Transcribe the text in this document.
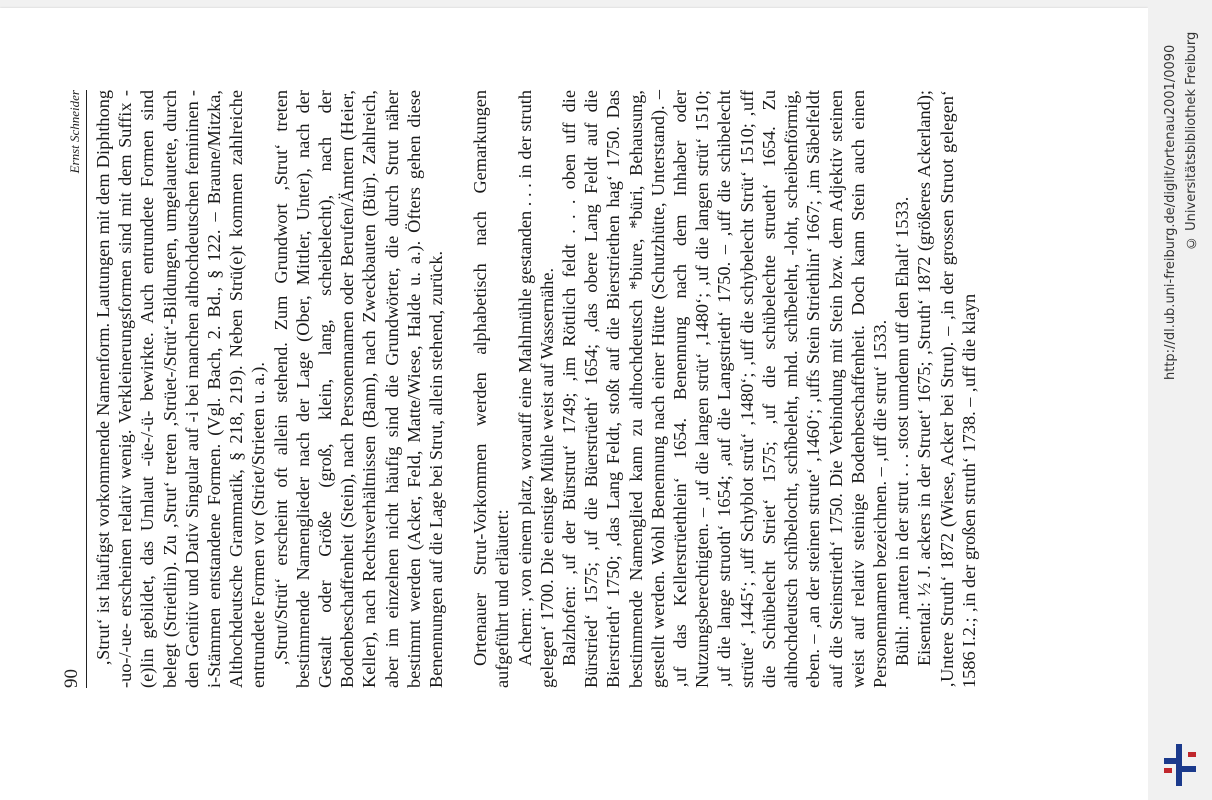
90
Ernst Schneider ‚Strut‘ ist häufigst vorkommende Namenform. Lautungen mit dem Diphthong -uo-/-ue- erscheinen relativ wenig. Verkleinerungsformen sind mit dem Suffix -(e)lin gebildet, das Umlaut -üe-/-ü- bewirkte. Auch entrundete Formen sind belegt (Strietlin). Zu ‚Strut‘ treten ‚Strüet-/Strüt‘-Bildungen, umgelautete, durch den Genitiv und Dativ Singular auf -i bei manchen althochdeutschen femininen -i-Stämmen entstandene Formen. (Vgl. Bach, 2. Bd., § 122. – Braune/Mitzka, Althochdeutsche Grammatik, § 218, 219). Neben Strü(e)t kommen zahlreiche entrundete Formen vor (Striet/Strieten u. a.). ‚Strut/Strüt‘ erscheint oft allein stehend. Zum Grundwort ‚Strut‘ treten bestimmende Namenglieder nach der Lage (Ober, Mittler, Unter), nach der Gestalt oder Größe (groß, klein, lang, scheibelecht), nach der Bodenbeschaffenheit (Stein), nach Personennamen oder Berufen/Ämtern (Heier, Keller), nach Rechtsverhältnissen (Bann), nach Zweckbauten (Bür). Zahlreich, aber im einzelnen nicht häufig sind die Grundwörter, die durch Strut näher bestimmt werden (Acker, Feld, Matte/Wiese, Halde u. a.). Öfters gehen diese Benennungen auf die Lage bei Strut, allein stehend, zurück. Ortenauer Strut-Vorkommen werden alphabetisch nach Gemarkungen aufgeführt und erläutert: Achern: ‚von einem platz, worauff eine Mahlmühle gestanden . . . in der struth gelegen‘ 1700. Die einstige Mühle weist auf Wassernähe. Balzhofen: ‚uf der Bürstrut‘ 1749; ‚im Röttlich feldt . . . oben uff die Bürstried‘ 1575; ‚uf die Büerstrüeth‘ 1654; ‚das obere Lang Feldt auf die Bierstrieth‘ 1750; ‚das Lang Feldt, stoßt auf die Bierstriethen hag‘ 1750. Das bestimmende Namenglied kann zu althochdeutsch *biure, *büri, Behausung, gestellt werden. Wohl Benennung nach einer Hütte (Schutzhütte, Unterstand). – ‚uf das Kellerstrüethlein‘ 1654. Benennung nach dem Inhaber oder Nutzungsberechtigten. – ‚uf die langen strüt‘ ‚1480‘; ‚uf die langen strüt‘ 1510; ‚uf die lange struoth‘ 1654; ‚auf die Langstrieth‘ 1750. – ‚uff die schibelecht strüte‘ ‚1445‘; ‚uff Schyblot strůt‘ ‚1480‘; ‚uff die schybelecht Strüt‘ 1510; ‚uff die Schübelecht Striet‘ 1575; ‚uf die schübelechte strueth‘ 1654. Zu althochdeutsch schîbelocht, schîbeleht, mhd. schîbeleht, -loht, scheibenförmig, eben. – ‚an der steinen strute‘ ‚1460‘; ‚uffs Stein Striethlin‘ 1667; ‚im Säbelfeldt auf die Steinstrieth‘ 1750. Die Verbindung mit Stein bzw. dem Adjektiv steinen weist auf relativ steinige Bodenbeschaffenheit. Doch kann Stein auch einen Personennamen bezeichnen. – ‚uff die strut‘ 1533. Bühl: ‚matten in der strut . . . stost unndenn uff den Ehalt‘ 1533. Eisental: ½ J. ackers in der Struet‘ 1675; ‚Struth‘ 1872 (größeres Ackerland); ‚Untere Struth‘ 1872 (Wiese, Acker bei Strut). – ‚in der grossen Struot gelegen‘ 1586 I.2.; ‚in der großen struth‘ 1738. – ‚uff die klayn

http://dl.ub.uni-freiburg.de/diglit/ortenau2001/0090 © Universitätsbibliothek Freiburg
